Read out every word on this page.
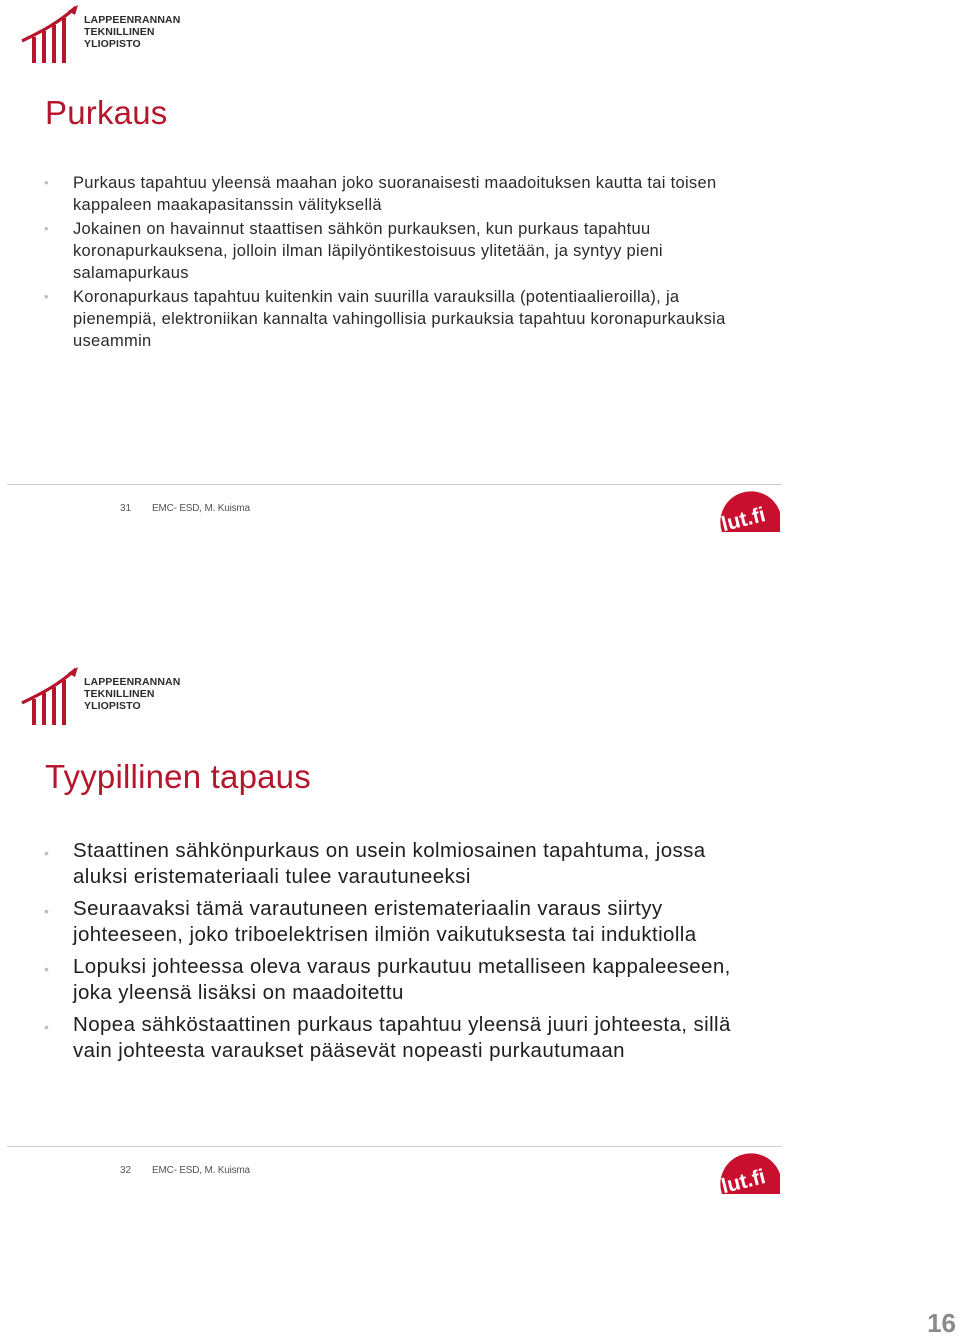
LAPPEENRANNAN
TEKNILLINEN YLIOPISTO
Purkaus
• Purkaus tapahtuu yleensä maahan joko suoranaisesti maadoituksen kautta tai toisen kappaleen maakapasitanssin välityksellä
• Jokainen on havainnut staattisen sähkön purkauksen, kun purkaus tapahtuu koronapurkauksena, jolloin ilman läpilyöntikestoisuus ylitetään, ja syntyy pieni salamapurkaus
• Koronapurkaus tapahtuu kuitenkin vain suurilla varauksilla (potentiaalieroilla), ja pienempiä, elektroniikan kannalta vahingollisia purkauksia tapahtuu koronapurkauksia useammin
31 EMC- ESD, M. Kuisma	lut.fi
LAPPEENRANNAN
TEKNILLINEN YLIOPISTO
Tyypillinen tapaus
• Staattinen sähkönpurkaus on usein kolmiosainen tapahtuma, jossa aluksi eristemateriaali tulee varautuneeksi
• Seuraavaksi tämä varautuneen eristemateriaalin varaus siirtyy johteeseen, joko triboelektrisen ilmiön vaikutuksesta tai induktiolla
• Lopuksi johteessa oleva varaus purkautuu metalliseen kappaleeseen, joka yleensä lisäksi on maadoitettu
• Nopea sähköstaattinen purkaus tapahtuu yleensä juuri johteesta, sillä vain johteesta varaukset pääsevät nopeasti purkautumaan
32 EMC- ESD, M. Kuisma	lut.fi
16
